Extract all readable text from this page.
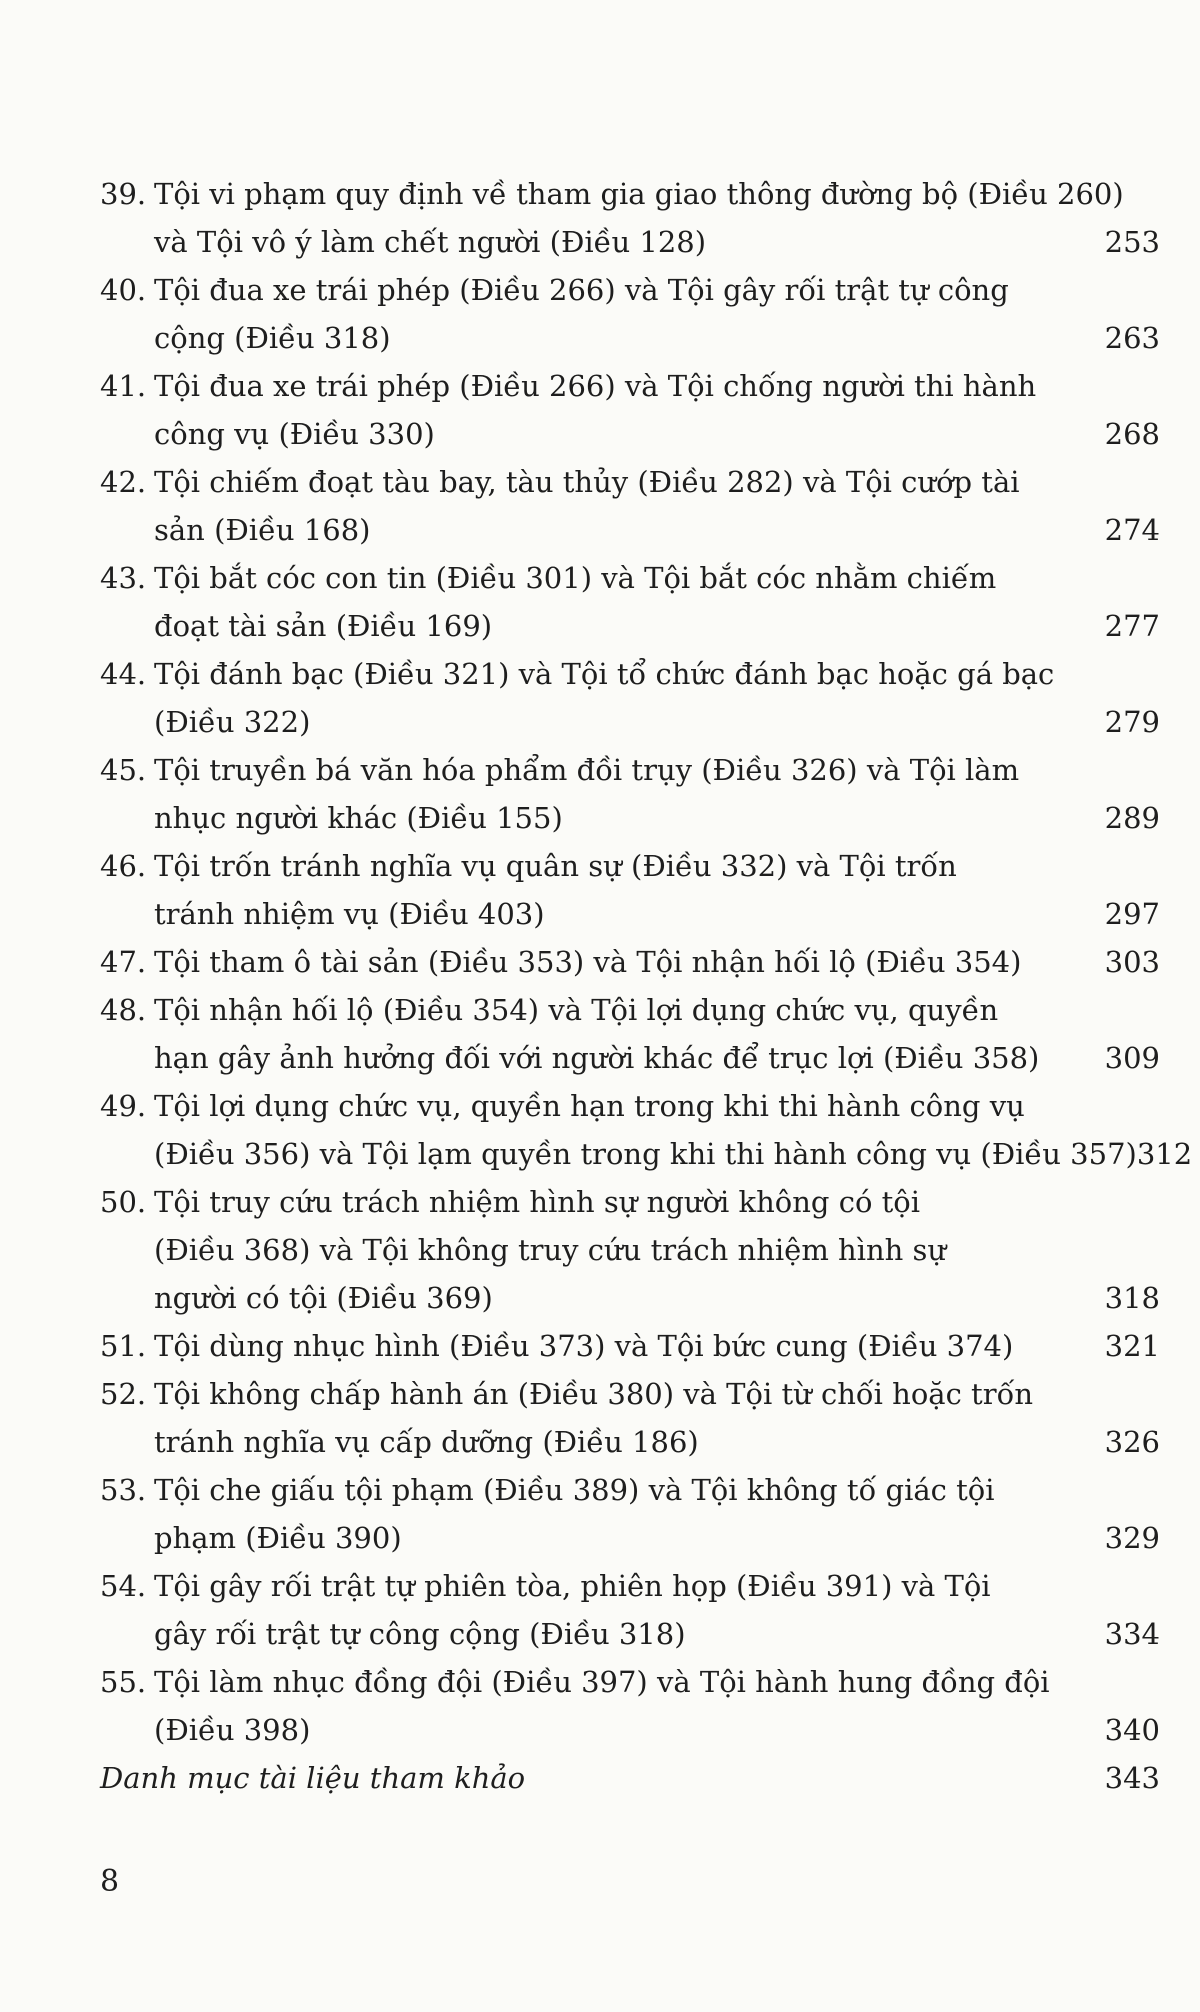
39. Tội vi phạm quy định về tham gia giao thông đường bộ (Điều 260)
và Tội vô ý làm chết người (Điều 128)	253
40. Tội đua xe trái phép (Điều 266) và Tội gây rối trật tự công
cộng (Điều 318)	263
41. Tội đua xe trái phép (Điều 266) và Tội chống người thi hành
công vụ (Điều 330)	268
42. Tội chiếm đoạt tàu bay, tàu thủy (Điều 282) và Tội cướp tài
sản (Điều 168)	274
43. Tội bắt cóc con tin (Điều 301) và Tội bắt cóc nhằm chiếm
đoạt tài sản (Điều 169)	277
44. Tội đánh bạc (Điều 321) và Tội tổ chức đánh bạc hoặc gá bạc
(Điều 322)	279
45. Tội truyền bá văn hóa phẩm đồi trụy (Điều 326) và Tội làm
nhục người khác (Điều 155)	289
46. Tội trốn tránh nghĩa vụ quân sự (Điều 332) và Tội trốn
tránh nhiệm vụ (Điều 403)	297
47. Tội tham ô tài sản (Điều 353) và Tội nhận hối lộ (Điều 354)	303
48. Tội nhận hối lộ (Điều 354) và Tội lợi dụng chức vụ, quyền
hạn gây ảnh hưởng đối với người khác để trục lợi (Điều 358)	309
49. Tội lợi dụng chức vụ, quyền hạn trong khi thi hành công vụ
(Điều 356) và Tội lạm quyền trong khi thi hành công vụ (Điều 357) 312
50. Tội truy cứu trách nhiệm hình sự người không có tội
(Điều 368) và Tội không truy cứu trách nhiệm hình sự
người có tội (Điều 369)	318
51. Tội dùng nhục hình (Điều 373) và Tội bức cung (Điều 374)	321
52. Tội không chấp hành án (Điều 380) và Tội từ chối hoặc trốn
tránh nghĩa vụ cấp dưỡng (Điều 186)	326
53. Tội che giấu tội phạm (Điều 389) và Tội không tố giác tội
phạm (Điều 390)	329
54. Tội gây rối trật tự phiên tòa, phiên họp (Điều 391) và Tội
gây rối trật tự công cộng (Điều 318)	334
55. Tội làm nhục đồng đội (Điều 397) và Tội hành hung đồng đội
(Điều 398)	340
Danh mục tài liệu tham khảo	343
8
